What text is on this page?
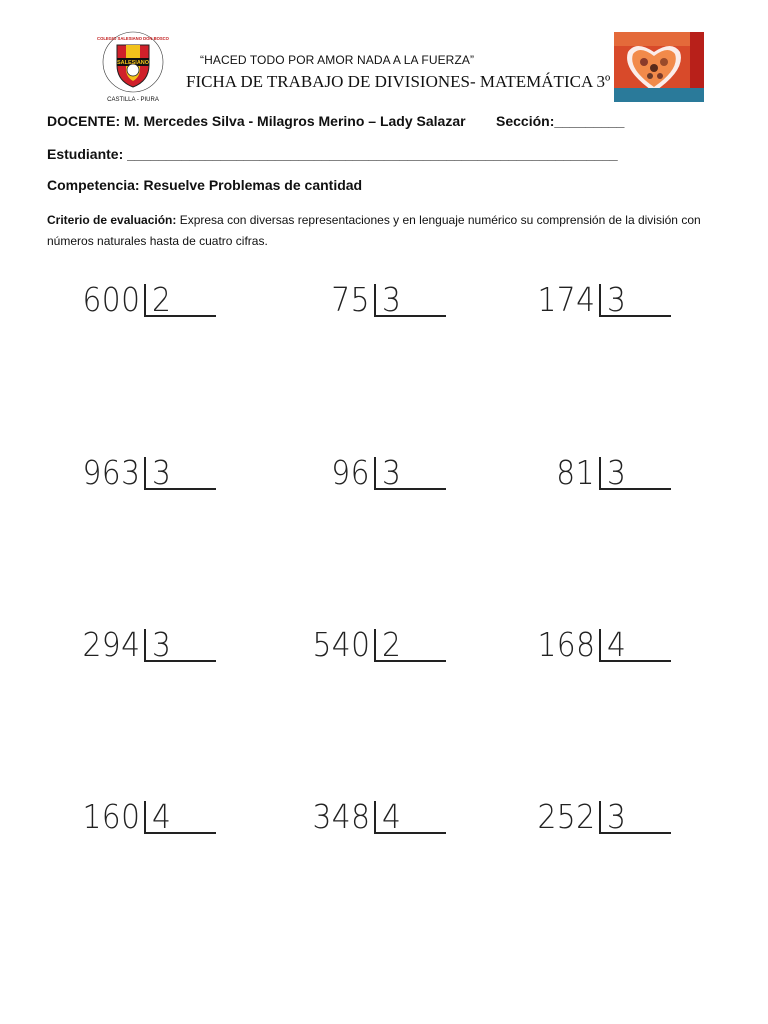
SALESIANO
COLEGIO SALESIANO DON BOSCO
CASTILLA - PIURA
“HACED TODO POR AMOR NADA A LA FUERZA”
FICHA DE TRABAJO DE DIVISIONES- MATEMÁTICA 3º
DOCENTE: M. Mercedes Silva - Milagros Merino – Lady Salazar Sección:_________
Estudiante: _______________________________________________________________
Competencia: Resuelve Problemas de cantidad
Criterio de evaluación: Expresa con diversas representaciones y en lenguaje numérico su comprensión de la división con números naturales hasta de cuatro cifras.
600 2	75 3	174 3
963 3	96 3	81 3
294 3	540 2	168 4
160 4	348 4	252 3
